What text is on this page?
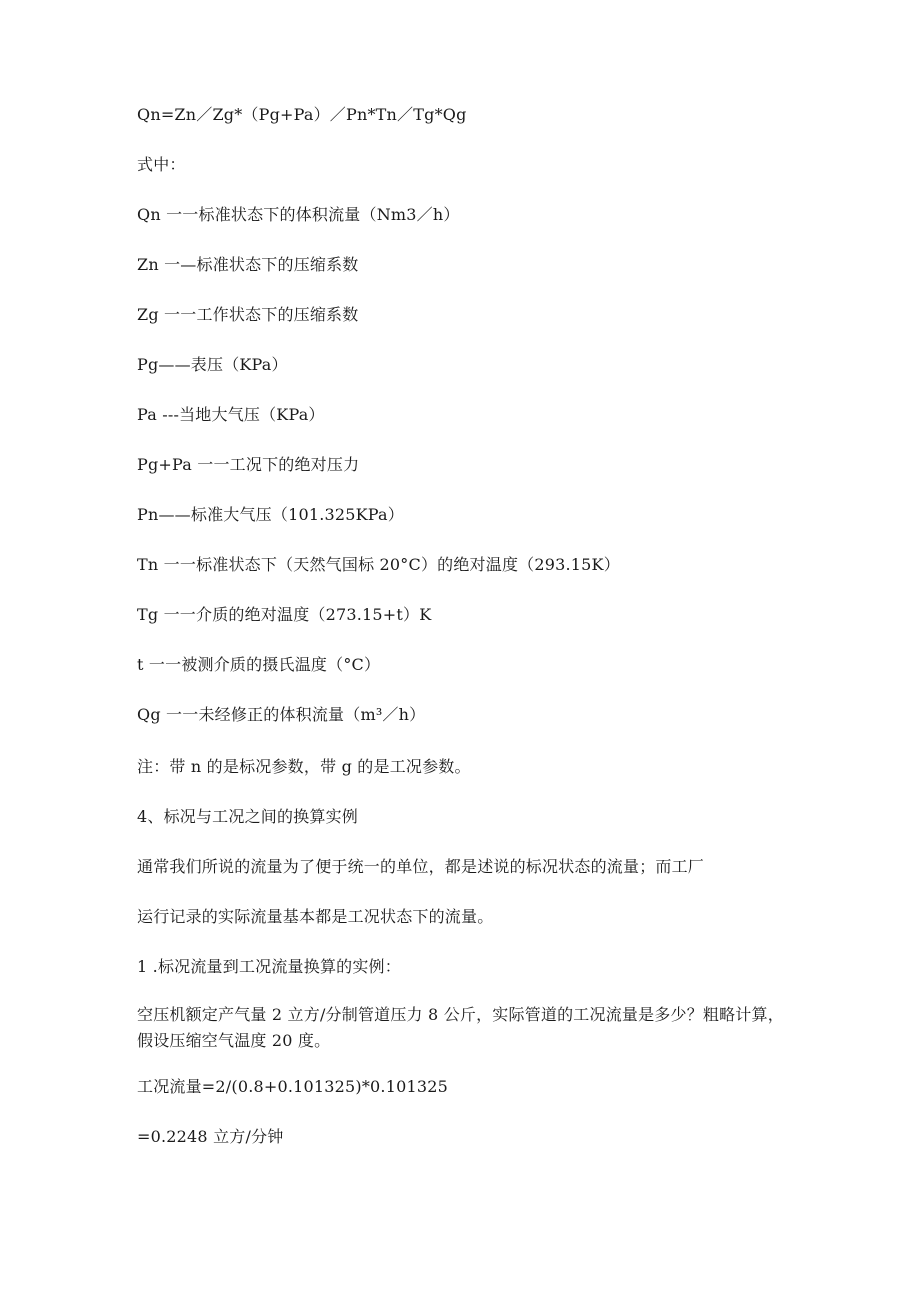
Qn=Zn／Zg*（Pg+Pa）／Pn*Tn／Tg*Qg
式中：
Qn 一一标准状态下的体积流量（Nm3／h）
Zn 一—标准状态下的压缩系数
Zg 一一工作状态下的压缩系数
Pg——表压（KPa）
Pa ---当地大气压（KPa）
Pg+Pa 一一工况下的绝对压力
Pn——标准大气压（101.325KPa）
Tn 一一标准状态下（天然气国标 20°C）的绝对温度（293.15K）
Tg 一一介质的绝对温度（273.15+t）K
t 一一被测介质的摄氏温度（°C）
Qg 一一未经修正的体积流量（m³／h）
注：带 n 的是标况参数，带 g 的是工况参数。
4、标况与工况之间的换算实例
通常我们所说的流量为了便于统一的单位，都是述说的标况状态的流量；而工厂
运行记录的实际流量基本都是工况状态下的流量。
1 .标况流量到工况流量换算的实例：
空压机额定产气量 2 立方/分制管道压力 8 公斤，实际管道的工况流量是多少？粗略计算，假设压缩空气温度 20 度。
工况流量=2/(0.8+0.101325)*0.101325
=0.2248 立方/分钟
